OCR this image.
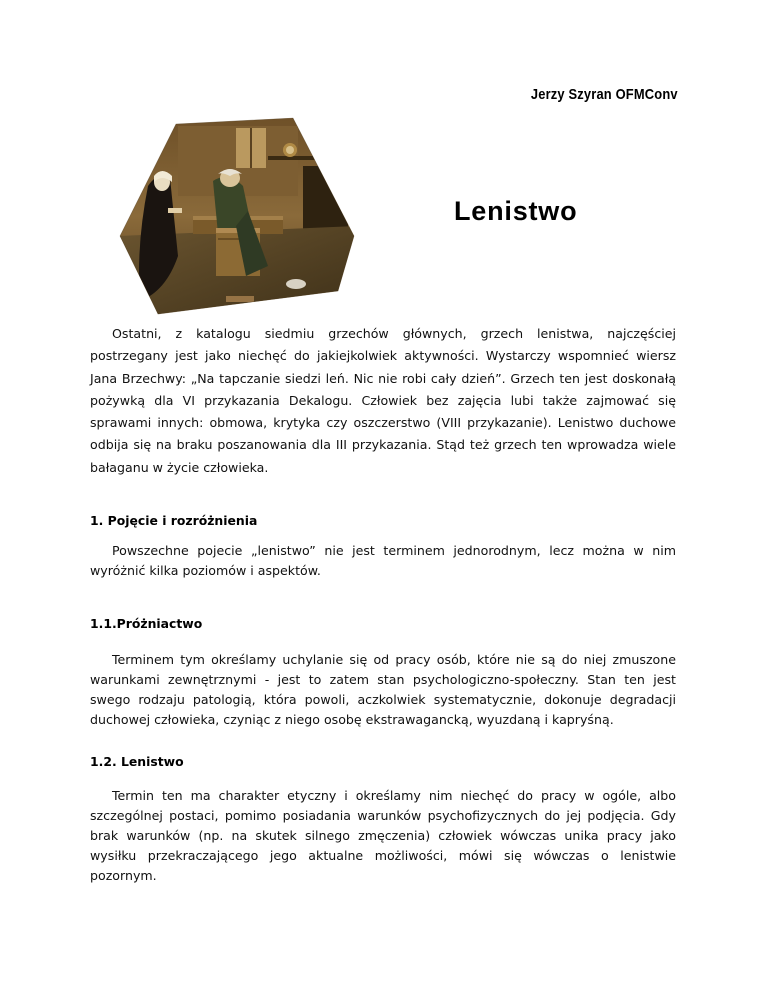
Jerzy Szyran OFMConv
Lenistwo

Ostatni, z katalogu siedmiu grzechów głównych, grzech lenistwa, najczęściej postrzegany jest jako niechęć do jakiejkolwiek aktywności. Wystarczy wspomnieć wiersz Jana Brzechwy: „Na tapczanie siedzi leń. Nic nie robi cały dzień”. Grzech ten jest doskonałą pożywką dla VI przykazania Dekalogu. Człowiek bez zajęcia lubi także zajmować się sprawami innych: obmowa, krytyka czy oszczerstwo (VIII przykazanie). Lenistwo duchowe odbija się na braku poszanowania dla III przykazania. Stąd też grzech ten wprowadza wiele bałaganu w życie człowieka.

1. Pojęcie i rozróżnienia

Powszechne pojecie „lenistwo” nie jest terminem jednorodnym, lecz można w nim wyróżnić kilka poziomów i aspektów.

1.1.Próżniactwo

Terminem tym określamy uchylanie się od pracy osób, które nie są do niej zmuszone warunkami zewnętrznymi - jest to zatem stan psychologiczno-społeczny. Stan ten jest swego rodzaju patologią, która powoli, aczkolwiek systematycznie, dokonuje degradacji duchowej człowieka, czyniąc z niego osobę ekstrawagancką, wyuzdaną i kapryśną.

1.2. Lenistwo

Termin ten ma charakter etyczny i określamy nim niechęć do pracy w ogóle, albo szczególnej postaci, pomimo posiadania warunków psychofizycznych do jej podjęcia. Gdy brak warunków (np. na skutek silnego zmęczenia) człowiek wówczas unika pracy jako wysiłku przekraczającego jego aktualne możliwości, mówi się wówczas o lenistwie pozornym.
